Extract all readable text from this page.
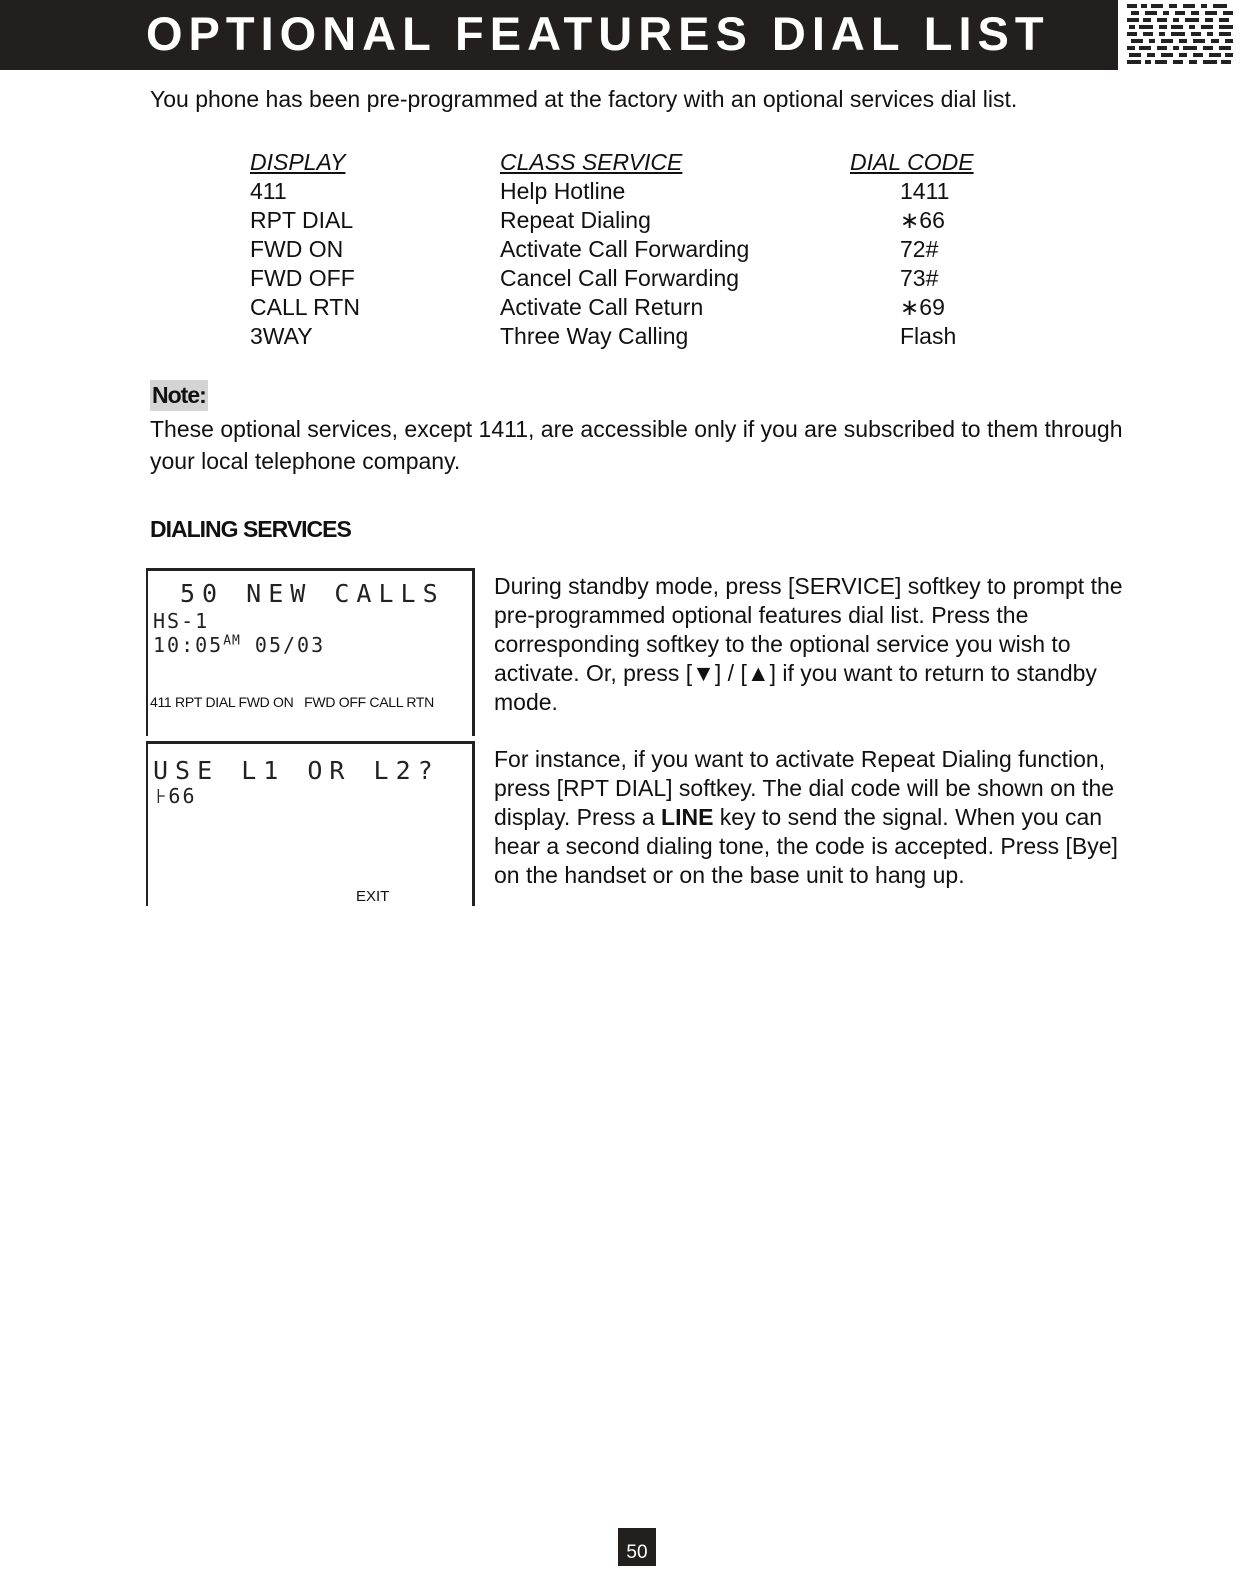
OPTIONAL FEATURES DIAL LIST
You phone has been pre-programmed at the factory with an optional services dial list.
DISPLAY
411
RPT DIAL
FWD ON
FWD OFF
CALL RTN
3WAY
CLASS SERVICE
Help Hotline
Repeat Dialing
Activate Call Forwarding
Cancel Call Forwarding
Activate Call Return
Three Way Calling
DIAL CODE
1411
∗66
72#
73#
∗69
Flash
Note:
These optional services, except 1411, are accessible only if you are subscribed to them through your local telephone company.
DIALING SERVICES
50 NEW CALLS
HS-1
$10:05^{AM}$ 05/03
411 RPT DIAL FWD ON   FWD OFF CALL RTN
USE L1 OR L2?
⊦66
EXIT
During standby mode, press [SERVICE] softkey to prompt the pre-programmed optional features dial list. Press the corresponding softkey to the optional service you wish to activate. Or, press [▼] / [▲] if you want to return to standby mode.
For instance, if you want to activate Repeat Dialing function, press [RPT DIAL] softkey. The dial code will be shown on the display. Press a LINE key to send the signal. When you can hear a second dialing tone, the code is accepted. Press [Bye] on the handset or on the base unit to hang up.
50
